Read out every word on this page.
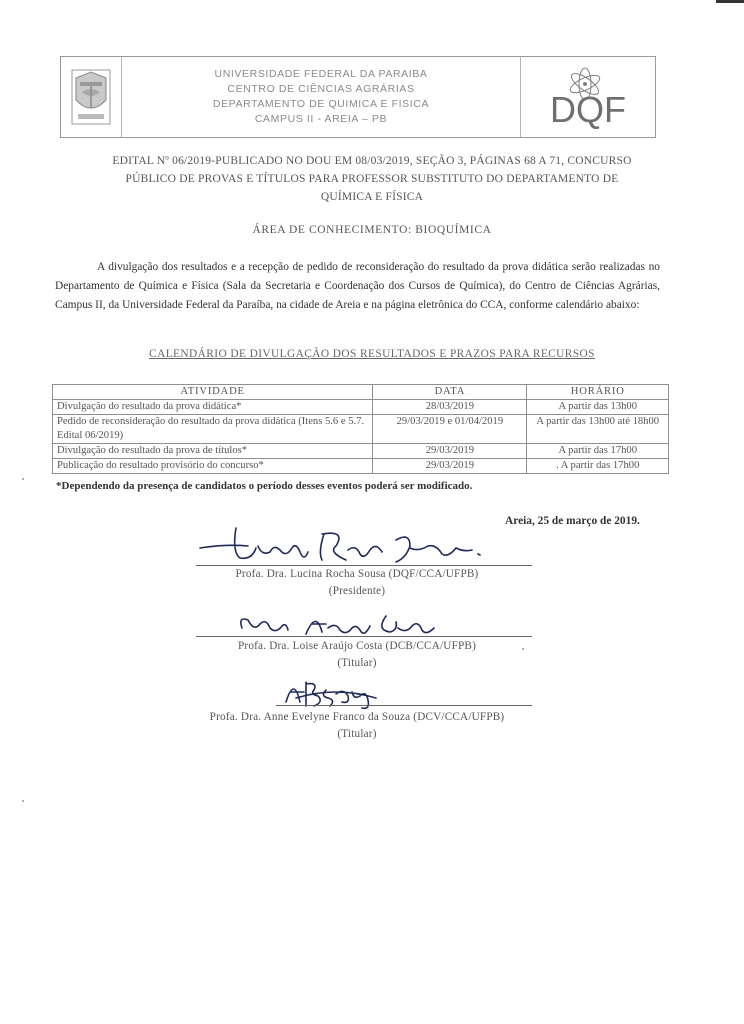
UNIVERSIDADE FEDERAL DA PARAIBA
CENTRO DE CIÊNCIAS AGRÁRIAS
DEPARTAMENTO DE QUIMICA E FISICA
CAMPUS II - AREIA – PB	DQF
EDITAL Nº 06/2019-PUBLICADO NO DOU EM 08/03/2019, SEÇÃO 3, PÁGINAS 68 A 71, CONCURSO
PÚBLICO DE PROVAS E TÍTULOS PARA PROFESSOR SUBSTITUTO DO DEPARTAMENTO DE
QUÍMICA E FÍSICA
ÁREA DE CONHECIMENTO: BIOQUÍMICA
A divulgação dos resultados e a recepção de pedido de reconsideração do resultado da prova didática serão realizadas no Departamento de Química e Física (Sala da Secretaria e Coordenação dos Cursos de Química), do Centro de Ciências Agrárias, Campus II, da Universidade Federal da Paraíba, na cidade de Areia e na página eletrônica do CCA, conforme calendário abaixo:
CALENDÁRIO DE DIVULGAÇÃO DOS RESULTADOS E PRAZOS PARA RECURSOS
ATIVIDADE	DATA	HORÁRIO
Divulgação do resultado da prova didática*	28/03/2019	A partir das 13h00
Pedido de reconsideração do resultado da prova didática (Itens 5.6 e 5.7. Edital 06/2019)	29/03/2019 e 01/04/2019	A partir das 13h00 até 18h00
Divulgação do resultado da prova de títulos*	29/03/2019	A partir das 17h00
Publicação do resultado provisório do concurso*	29/03/2019	. A partir das 17h00
*Dependendo da presença de candidatos o período desses eventos poderá ser modificado.
Areia, 25 de março de 2019.
Profa. Dra. Lucina Rocha Sousa (DQF/CCA/UFPB)
(Presidente)
Profa. Dra. Loise Araújo Costa (DCB/CCA/UFPB)
(Titular)
Profa. Dra. Anne Evelyne Franco da Souza (DCV/CCA/UFPB)
(Titular)
